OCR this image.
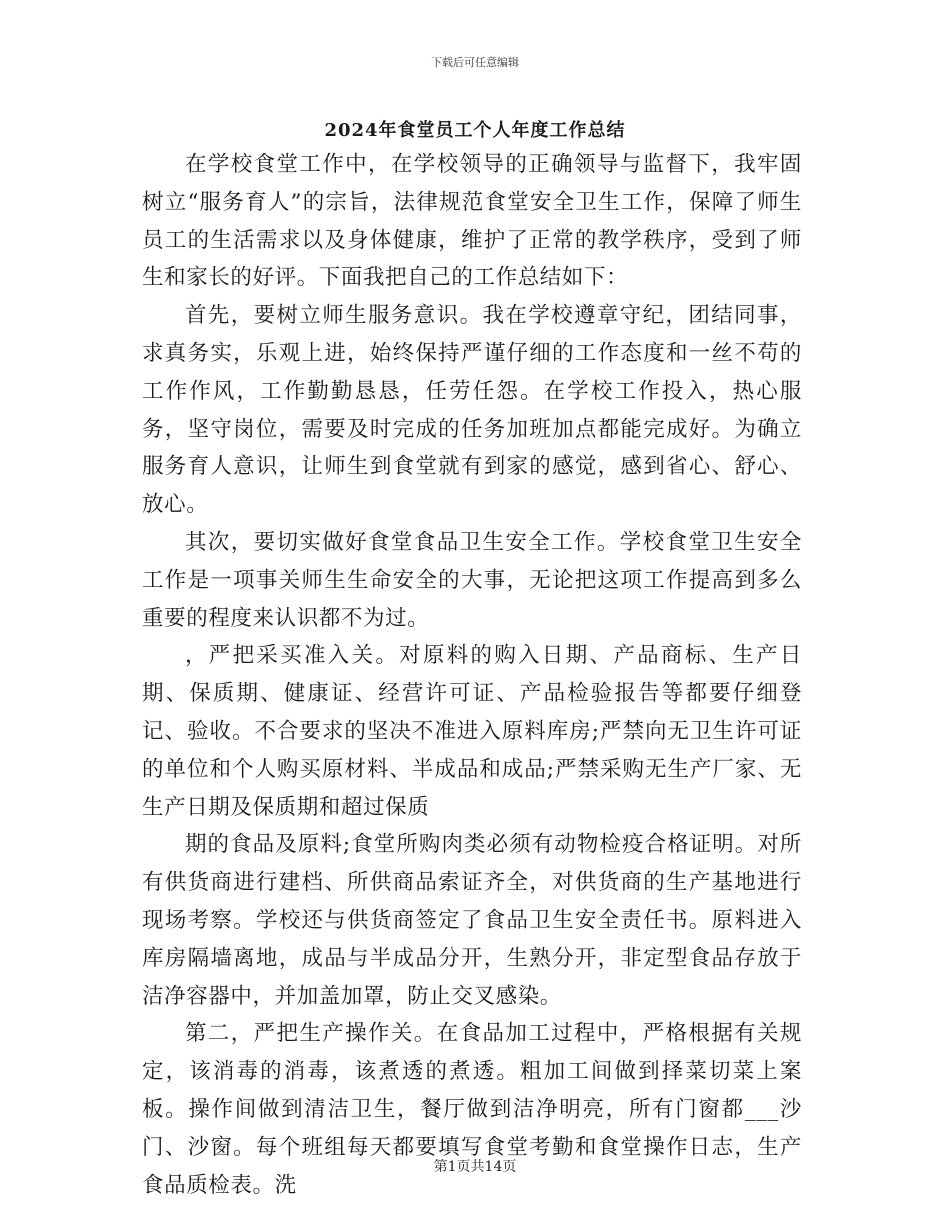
下载后可任意编辑
2024年食堂员工个人年度工作总结

在学校食堂工作中，在学校领导的正确领导与监督下，我牢固树立“服务育人”的宗旨，法律规范食堂安全卫生工作，保障了师生员工的生活需求以及身体健康，维护了正常的教学秩序，受到了师生和家长的好评。下面我把自己的工作总结如下：

首先，要树立师生服务意识。我在学校遵章守纪，团结同事，求真务实，乐观上进，始终保持严谨仔细的工作态度和一丝不苟的工作作风，工作勤勤恳恳，任劳任怨。在学校工作投入，热心服务，坚守岗位，需要及时完成的任务加班加点都能完成好。为确立服务育人意识，让师生到食堂就有到家的感觉，感到省心、舒心、放心。

其次，要切实做好食堂食品卫生安全工作。学校食堂卫生安全工作是一项事关师生生命安全的大事，无论把这项工作提高到多么重要的程度来认识都不为过。

，严把采买准入关。对原料的购入日期、产品商标、生产日期、保质期、健康证、经营许可证、产品检验报告等都要仔细登记、验收。不合要求的坚决不准进入原料库房;严禁向无卫生许可证的单位和个人购买原材料、半成品和成品;严禁采购无生产厂家、无生产日期及保质期和超过保质

期的食品及原料;食堂所购肉类必须有动物检疫合格证明。对所有供货商进行建档、所供商品索证齐全，对供货商的生产基地进行现场考察。学校还与供货商签定了食品卫生安全责任书。原料进入库房隔墙离地，成品与半成品分开，生熟分开，非定型食品存放于洁净容器中，并加盖加罩，防止交叉感染。

第二，严把生产操作关。在食品加工过程中，严格根据有关规定，该消毒的消毒，该煮透的煮透。粗加工间做到择菜切菜上案板。操作间做到清洁卫生，餐厅做到洁净明亮，所有门窗都___沙门、沙窗。每个班组每天都要填写食堂考勤和食堂操作日志，生产食品质检表。洗

第1页共14页
